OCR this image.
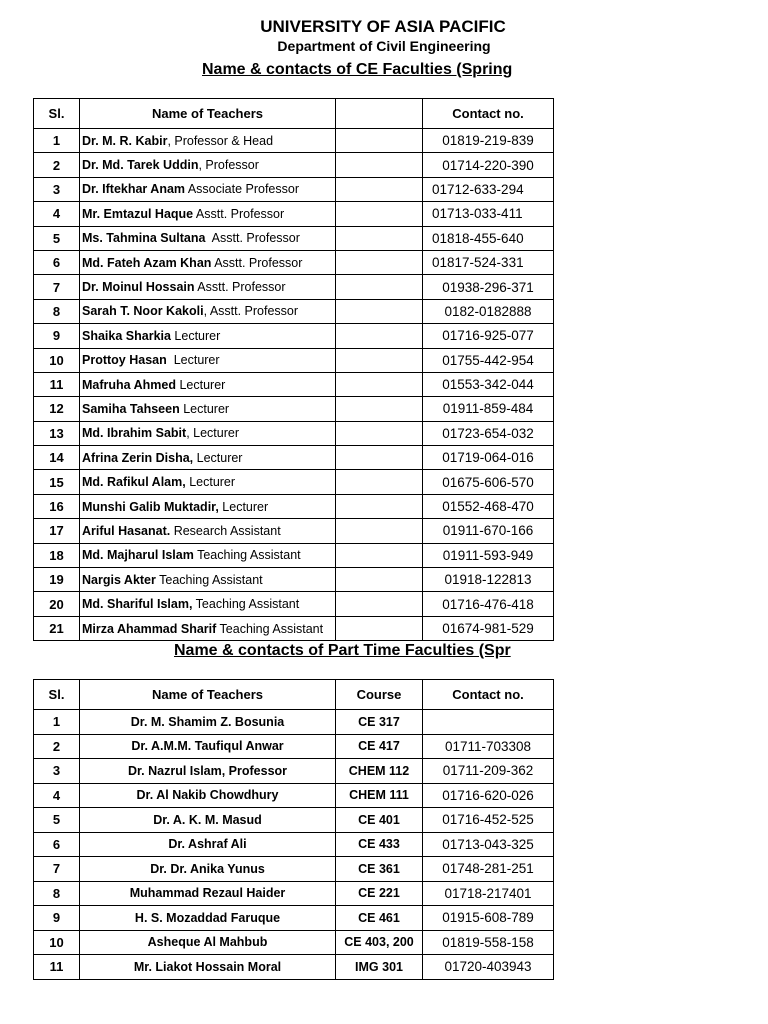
UNIVERSITY OF ASIA PACIFIC
Department of Civil Engineering
Name & contacts of CE Faculties (Spring
Sl.	Name of Teachers		Contact no.
1	Dr. M. R. Kabir, Professor & Head		01819-219-839
2	Dr. Md. Tarek Uddin, Professor		01714-220-390
3	Dr. Iftekhar Anam Associate Professor		01712-633-294
4	Mr. Emtazul Haque Asstt. Professor		01713-033-411
5	Ms. Tahmina Sultana  Asstt. Professor		01818-455-640
6	Md. Fateh Azam Khan Asstt. Professor		01817-524-331
7	Dr. Moinul Hossain Asstt. Professor		01938-296-371
8	Sarah T. Noor Kakoli, Asstt. Professor		0182-0182888
9	Shaika Sharkia Lecturer		01716-925-077
10	Prottoy Hasan  Lecturer		01755-442-954
11	Mafruha Ahmed Lecturer		01553-342-044
12	Samiha Tahseen Lecturer		01911-859-484
13	Md. Ibrahim Sabit, Lecturer		01723-654-032
14	Afrina Zerin Disha, Lecturer		01719-064-016
15	Md. Rafikul Alam, Lecturer		01675-606-570
16	Munshi Galib Muktadir, Lecturer		01552-468-470
17	Ariful Hasanat. Research Assistant		01911-670-166
18	Md. Majharul Islam Teaching Assistant		01911-593-949
19	Nargis Akter Teaching Assistant		01918-122813
20	Md. Shariful Islam, Teaching Assistant		01716-476-418
21	Mirza Ahammad Sharif Teaching Assistant		01674-981-529
Name & contacts of Part Time Faculties (Spr
Sl.	Name of Teachers	Course	Contact no.
1	Dr. M. Shamim Z. Bosunia	CE 317	
2	Dr. A.M.M. Taufiqul Anwar	CE 417	01711-703308
3	Dr. Nazrul Islam, Professor	CHEM 112	01711-209-362
4	Dr. Al Nakib Chowdhury	CHEM 111	01716-620-026
5	Dr. A. K. M. Masud	CE 401	01716-452-525
6	Dr. Ashraf Ali	CE 433	01713-043-325
7	Dr. Dr. Anika Yunus	CE 361	01748-281-251
8	Muhammad Rezaul Haider	CE 221	01718-217401
9	H. S. Mozaddad Faruque	CE 461	01915-608-789
10	Asheque Al Mahbub	CE 403, 200	01819-558-158
11	Mr. Liakot Hossain Moral	IMG 301	01720-403943
